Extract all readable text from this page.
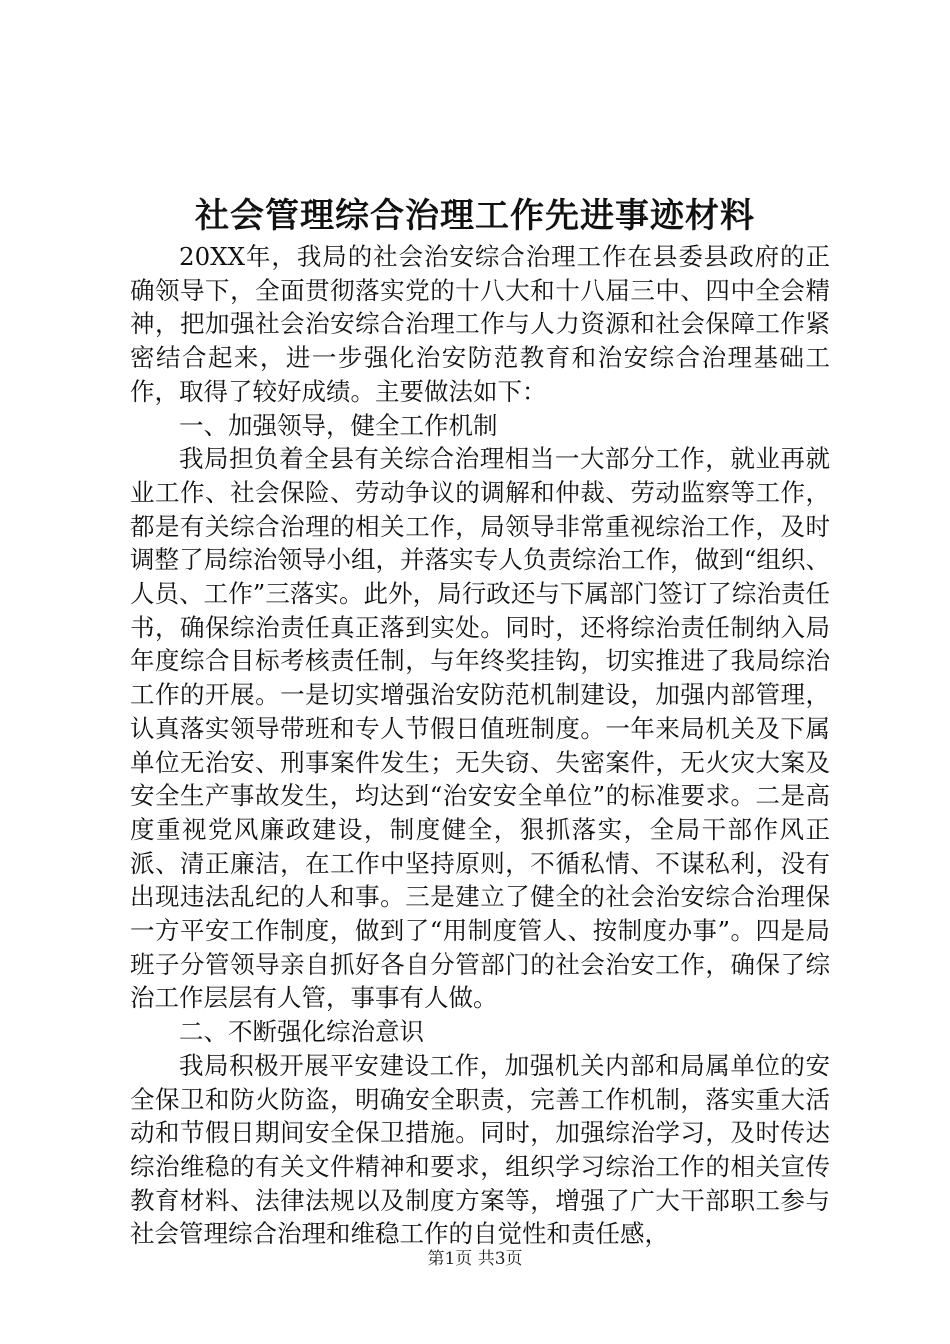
社会管理综合治理工作先进事迹材料

20XX年，我局的社会治安综合治理工作在县委县政府的正确领导下，全面贯彻落实党的十八大和十八届三中、四中全会精神，把加强社会治安综合治理工作与人力资源和社会保障工作紧密结合起来，进一步强化治安防范教育和治安综合治理基础工作，取得了较好成绩。主要做法如下：

一、加强领导，健全工作机制

我局担负着全县有关综合治理相当一大部分工作，就业再就业工作、社会保险、劳动争议的调解和仲裁、劳动监察等工作，都是有关综合治理的相关工作，局领导非常重视综治工作，及时调整了局综治领导小组，并落实专人负责综治工作，做到“组织、人员、工作”三落实。此外，局行政还与下属部门签订了综治责任书，确保综治责任真正落到实处。同时，还将综治责任制纳入局年度综合目标考核责任制，与年终奖挂钩，切实推进了我局综治工作的开展。一是切实增强治安防范机制建设，加强内部管理，认真落实领导带班和专人节假日值班制度。一年来局机关及下属单位无治安、刑事案件发生；无失窃、失密案件，无火灾大案及安全生产事故发生，均达到“治安安全单位”的标准要求。二是高度重视党风廉政建设，制度健全，狠抓落实，全局干部作风正派、清正廉洁，在工作中坚持原则，不循私情、不谋私利，没有出现违法乱纪的人和事。三是建立了健全的社会治安综合治理保一方平安工作制度，做到了“用制度管人、按制度办事”。四是局班子分管领导亲自抓好各自分管部门的社会治安工作，确保了综治工作层层有人管，事事有人做。

二、不断强化综治意识

我局积极开展平安建设工作，加强机关内部和局属单位的安全保卫和防火防盗，明确安全职责，完善工作机制，落实重大活动和节假日期间安全保卫措施。同时，加强综治学习，及时传达综治维稳的有关文件精神和要求，组织学习综治工作的相关宣传教育材料、法律法规以及制度方案等，增强了广大干部职工参与社会管理综合治理和维稳工作的自觉性和责任感，

第1页 共3页
